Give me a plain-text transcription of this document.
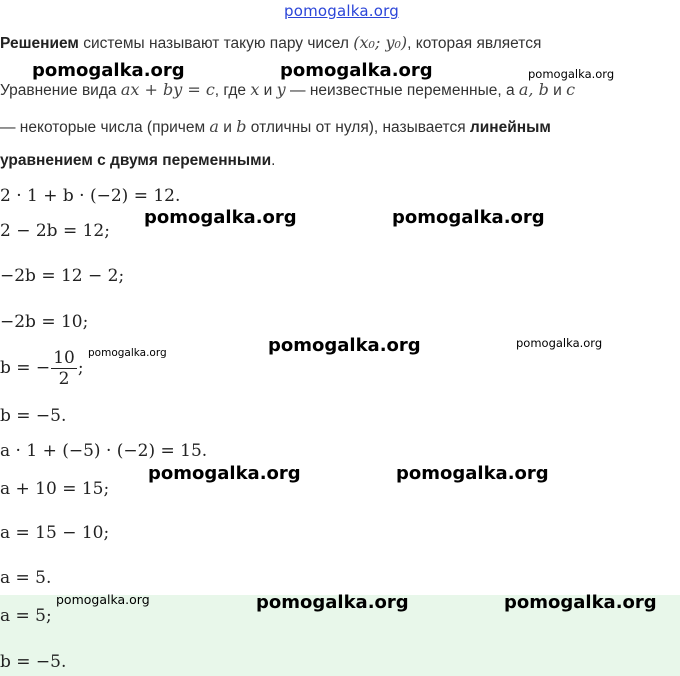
pomogalka.org
Решением системы называют такую пару чисел (x₀; y₀), которая является
Уравнение вида ax + by = c, где x и y — неизвестные переменные, а a, b и c
— некоторые числа (причем a и b отличны от нуля), называется линейным
уравнением с двумя переменными.
2 · 1 + b · (−2) = 12.
2 − 2b = 12;
−2b = 12 − 2;
−2b = 10;
b = − $\frac{10}{2}$ ;
b = −5.
a · 1 + (−5) · (−2) = 15.
a + 10 = 15;
a = 15 − 10;
a = 5.
a = 5;
b = −5.
pomogalka.org	pomogalka.org	pomogalka.org
pomogalka.org	pomogalka.org
pomogalka.org	pomogalka.org	pomogalka.org
pomogalka.org	pomogalka.org
pomogalka.org	pomogalka.org	pomogalka.org
